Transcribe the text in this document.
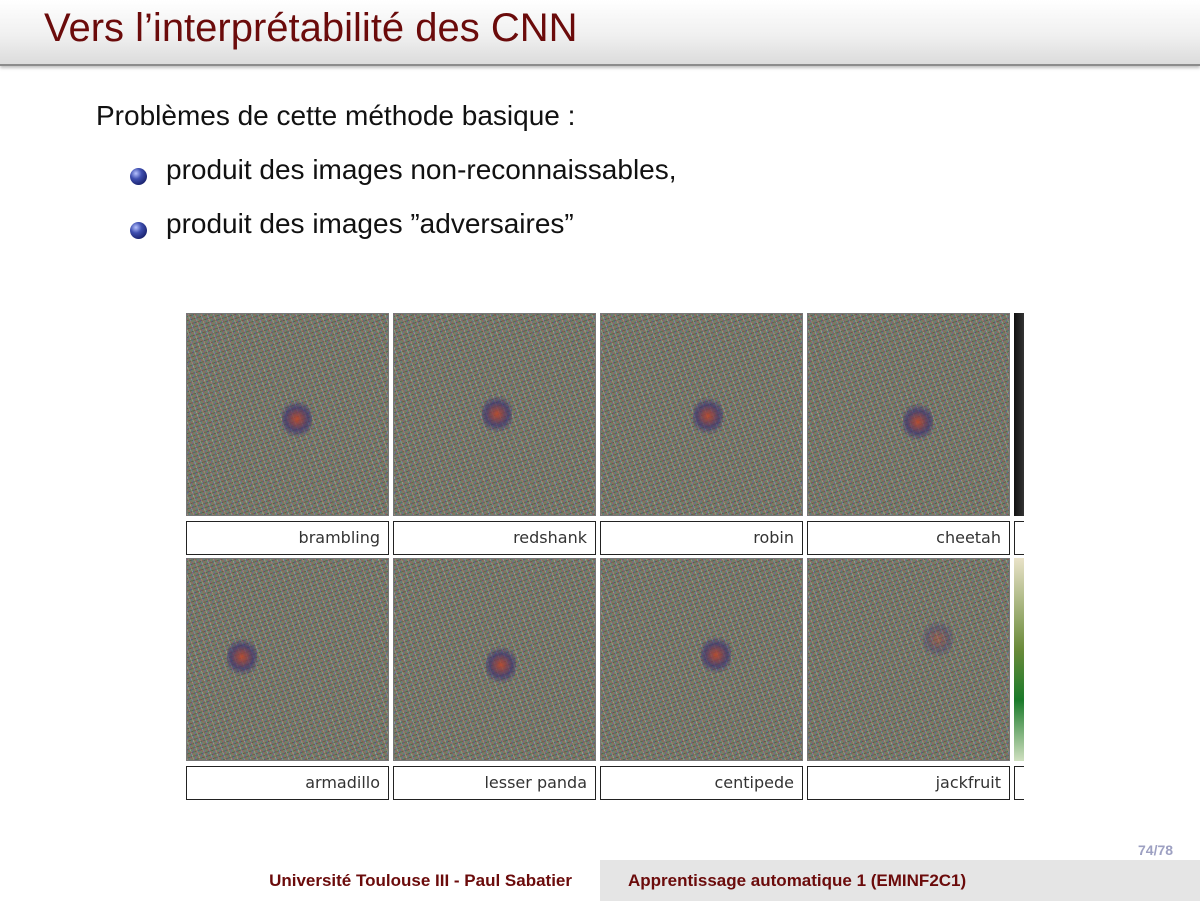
Vers l’interprétabilité des CNN
Problèmes de cette méthode basique :
produit des images non-reconnaissables,
produit des images ”adversaires”
brambling	redshank	robin	cheetah
armadillo	lesser panda	centipede	jackfruit
74/78
Université Toulouse III - Paul Sabatier	Apprentissage automatique 1 (EMINF2C1)
